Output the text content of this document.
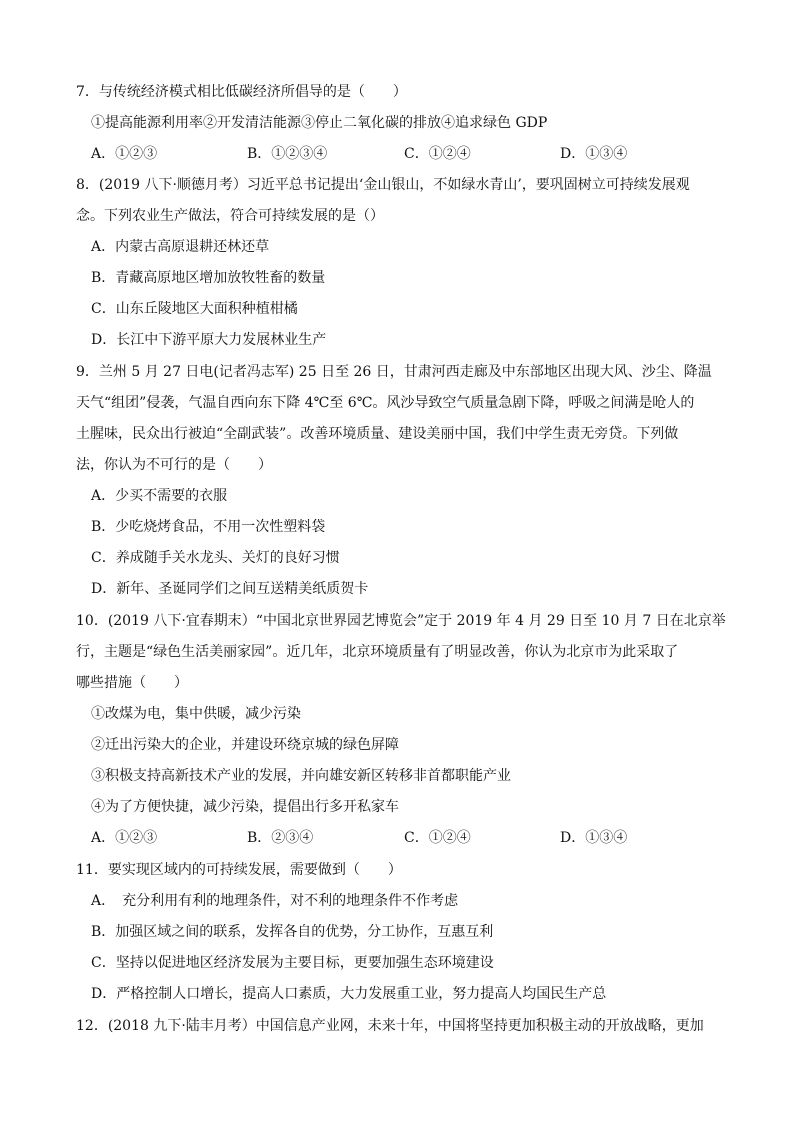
7．与传统经济模式相比低碳经济所倡导的是（　　）
①提高能源利用率②开发清洁能源③停止二氧化碳的排放④追求绿色 GDP
A．①②③	B．①②③④	C．①②④	D．①③④
8．(2019 八下·顺德月考）习近平总书记提出‘金山银山，不如绿水青山’，要巩固树立可持续发展观
念。下列农业生产做法，符合可持续发展的是（）
A．内蒙古高原退耕还林还草
B．青藏高原地区增加放牧牲畜的数量
C．山东丘陵地区大面积种植柑橘
D．长江中下游平原大力发展林业生产
9．兰州 5 月 27 日电(记者冯志军) 25 日至 26 日，甘肃河西走廊及中东部地区出现大风、沙尘、降温
天气“组团”侵袭，气温自西向东下降 4℃至 6℃。风沙导致空气质量急剧下降，呼吸之间满是呛人的
土腥味，民众出行被迫“全副武装”。改善环境质量、建设美丽中国，我们中学生责无旁贷。下列做
法，你认为不可行的是（　　）
A．少买不需要的衣服
B．少吃烧烤食品，不用一次性塑料袋
C．养成随手关水龙头、关灯的良好习惯
D．新年、圣诞同学们之间互送精美纸质贺卡
10．(2019 八下·宜春期末）“中国北京世界园艺博览会”定于 2019 年 4 月 29 日至 10 月 7 日在北京举
行，主题是“绿色生活美丽家园”。近几年，北京环境质量有了明显改善，你认为北京市为此采取了
哪些措施（　　）
①改煤为电，集中供暖，减少污染
②迁出污染大的企业，并建设环绕京城的绿色屏障
③积极支持高新技术产业的发展，并向雄安新区转移非首都职能产业
④为了方便快捷，减少污染，提倡出行多开私家车
A．①②③	B．②③④	C．①②④	D．①③④
11．要实现区域内的可持续发展，需要做到（　　）
A．　充分利用有利的地理条件，对不利的地理条件不作考虑
B．加强区域之间的联系，发挥各自的优势，分工协作，互惠互利
C．坚持以促进地区经济发展为主要目标，更要加强生态环境建设
D．严格控制人口增长，提高人口素质，大力发展重工业，努力提高人均国民生产总
12．(2018 九下·陆丰月考）中国信息产业网，未来十年，中国将坚持更加积极主动的开放战略，更加
